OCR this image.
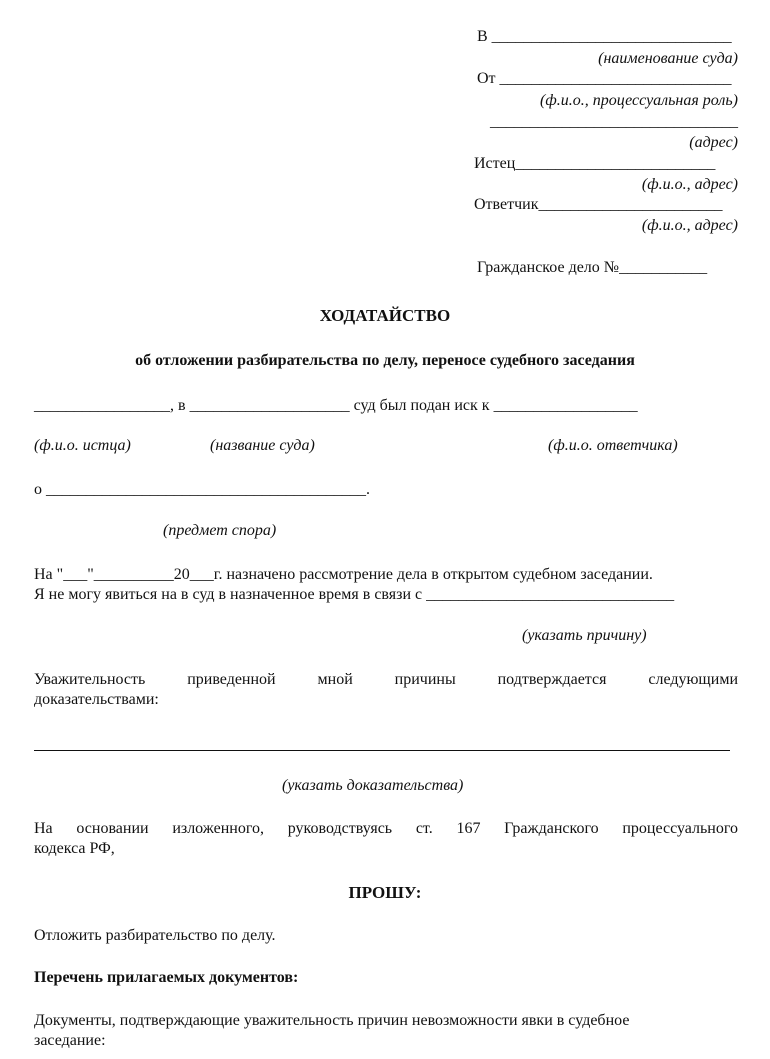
В ______________________________
(наименование суда)
От _____________________________
(ф.и.о., процессуальная роль)
_______________________________
(адрес)
Истец_________________________
(ф.и.о., адрес)
Ответчик_______________________
(ф.и.о., адрес)
Гражданское дело №___________
ХОДАТАЙСТВО
об отложении разбирательства по делу, переносе судебного заседания
_________________, в ____________________ суд был подан иск к __________________
(ф.и.о. истца)	(название суда)	(ф.и.о. ответчика)
о ________________________________________.
(предмет спора)
На "___"__________20___г. назначено рассмотрение дела в открытом судебном заседании.
Я не могу явиться на в суд в назначенное время в связи с _______________________________
(указать причину)
Уважительность приведенной мной причины подтверждается следующими
доказательствами:
(указать доказательства)
На основании изложенного, руководствуясь ст. 167 Гражданского процессуального
кодекса РФ,
ПРОШУ:
Отложить разбирательство по делу.
Перечень прилагаемых документов:
Документы, подтверждающие уважительность причин невозможности явки в судебное
заседание:
